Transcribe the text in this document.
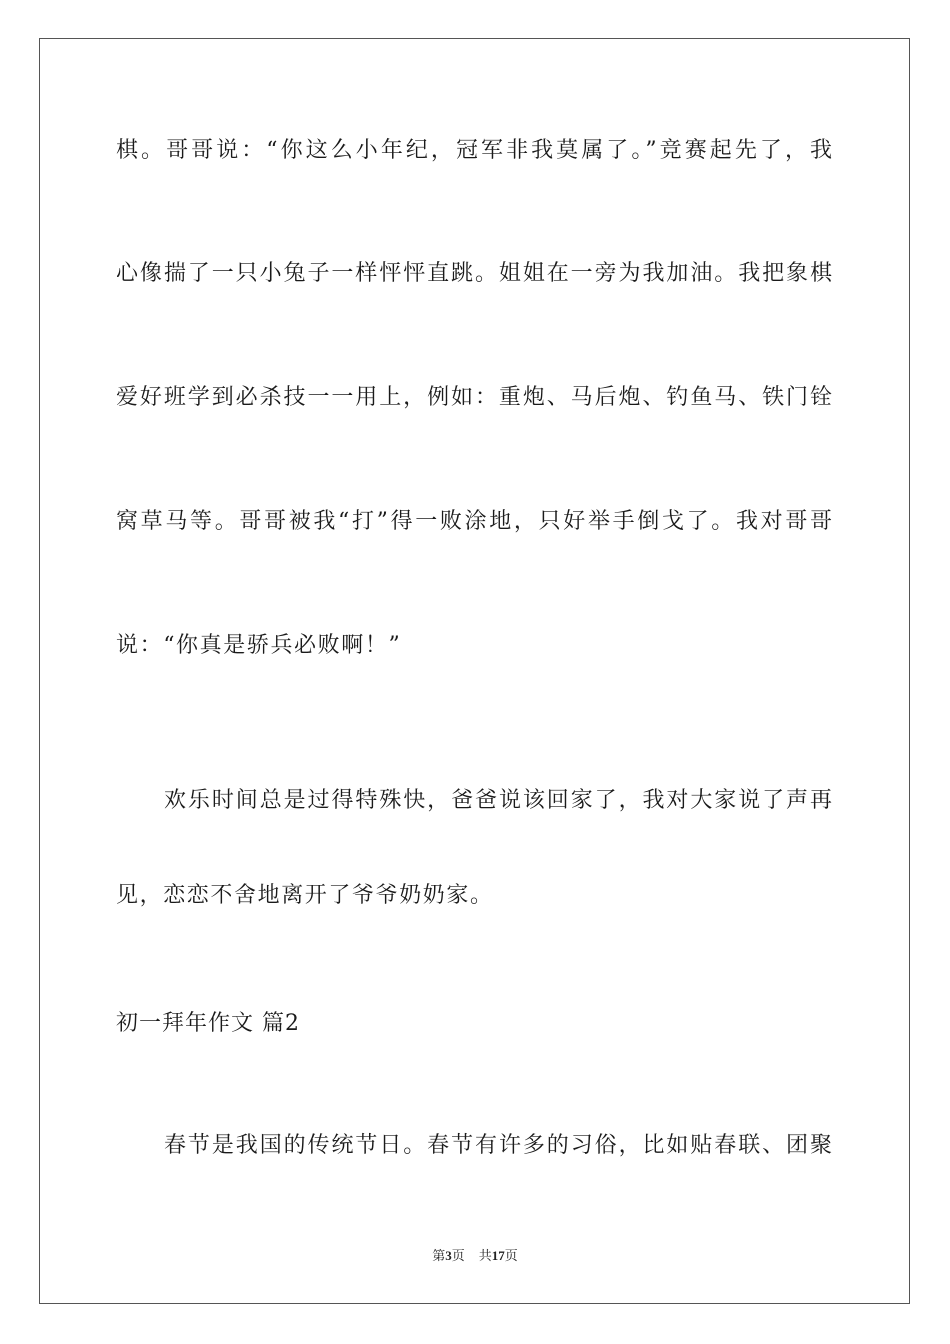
棋。哥哥说：“你这么小年纪，冠军非我莫属了。”竞赛起先了，我
心像揣了一只小兔子一样怦怦直跳。姐姐在一旁为我加油。我把象棋
爱好班学到必杀技一一用上，例如：重炮、马后炮、钓鱼马、铁门铨
窝草马等。哥哥被我“打”得一败涂地，只好举手倒戈了。我对哥哥
说：“你真是骄兵必败啊！”
欢乐时间总是过得特殊快，爸爸说该回家了，我对大家说了声再
见，恋恋不舍地离开了爷爷奶奶家。
初一拜年作文 篇2
春节是我国的传统节日。春节有许多的习俗，比如贴春联、团聚
第3页 共17页
